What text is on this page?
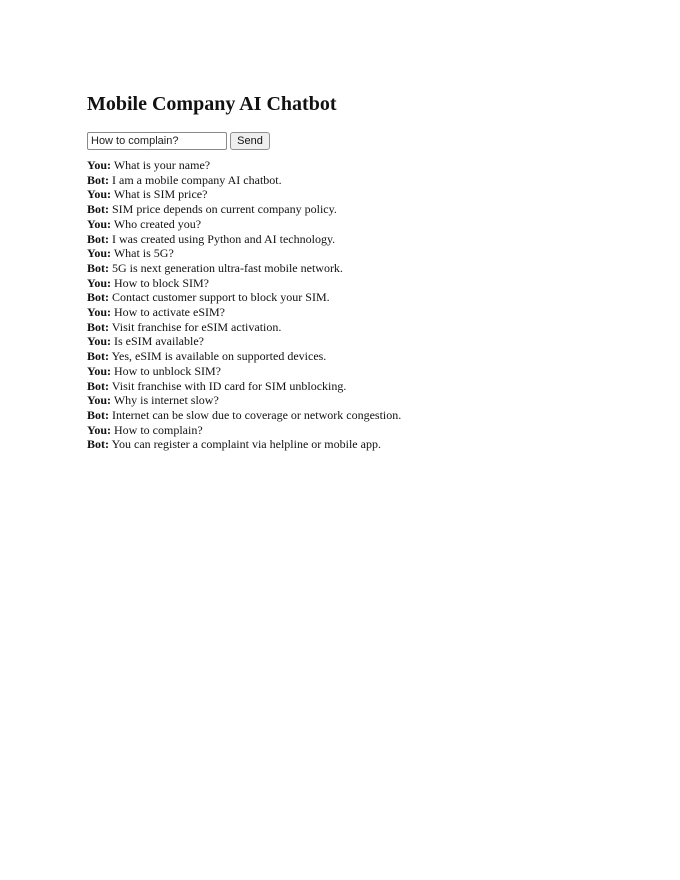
Mobile Company AI Chatbot
How to complain?
Send
You: What is your name?
Bot: I am a mobile company AI chatbot.
You: What is SIM price?
Bot: SIM price depends on current company policy.
You: Who created you?
Bot: I was created using Python and AI technology.
You: What is 5G?
Bot: 5G is next generation ultra-fast mobile network.
You: How to block SIM?
Bot: Contact customer support to block your SIM.
You: How to activate eSIM?
Bot: Visit franchise for eSIM activation.
You: Is eSIM available?
Bot: Yes, eSIM is available on supported devices.
You: How to unblock SIM?
Bot: Visit franchise with ID card for SIM unblocking.
You: Why is internet slow?
Bot: Internet can be slow due to coverage or network congestion.
You: How to complain?
Bot: You can register a complaint via helpline or mobile app.
